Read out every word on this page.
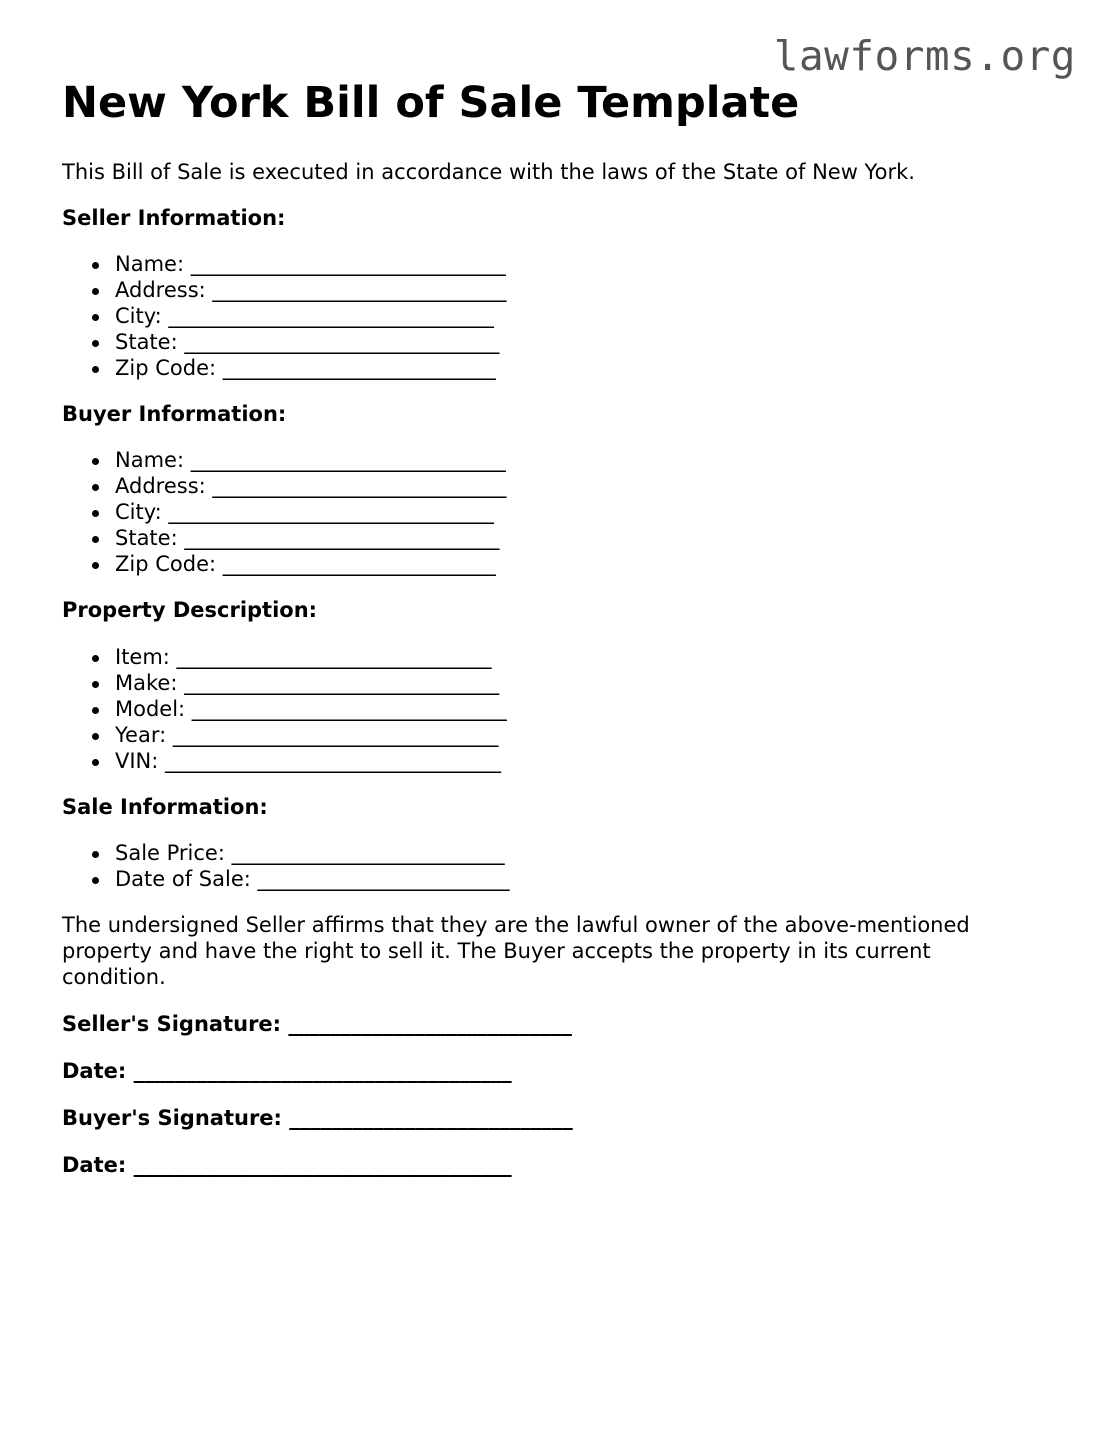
lawforms.org
New York Bill of Sale Template

This Bill of Sale is executed in accordance with the laws of the State of New York.

Seller Information:
Name: ______________________________
Address: ____________________________
City: _______________________________
State: ______________________________
Zip Code: __________________________
Buyer Information:
Name: ______________________________
Address: ____________________________
City: _______________________________
State: ______________________________
Zip Code: __________________________
Property Description:
Item: ______________________________
Make: ______________________________
Model: ______________________________
Year: _______________________________
VIN: ________________________________
Sale Information:
Sale Price: __________________________
Date of Sale: ________________________

The undersigned Seller affirms that they are the lawful owner of the above-mentioned property and have the right to sell it. The Buyer accepts the property in its current condition.

Seller's Signature: ___________________________
Date: ____________________________________
Buyer's Signature: ___________________________
Date: ____________________________________
